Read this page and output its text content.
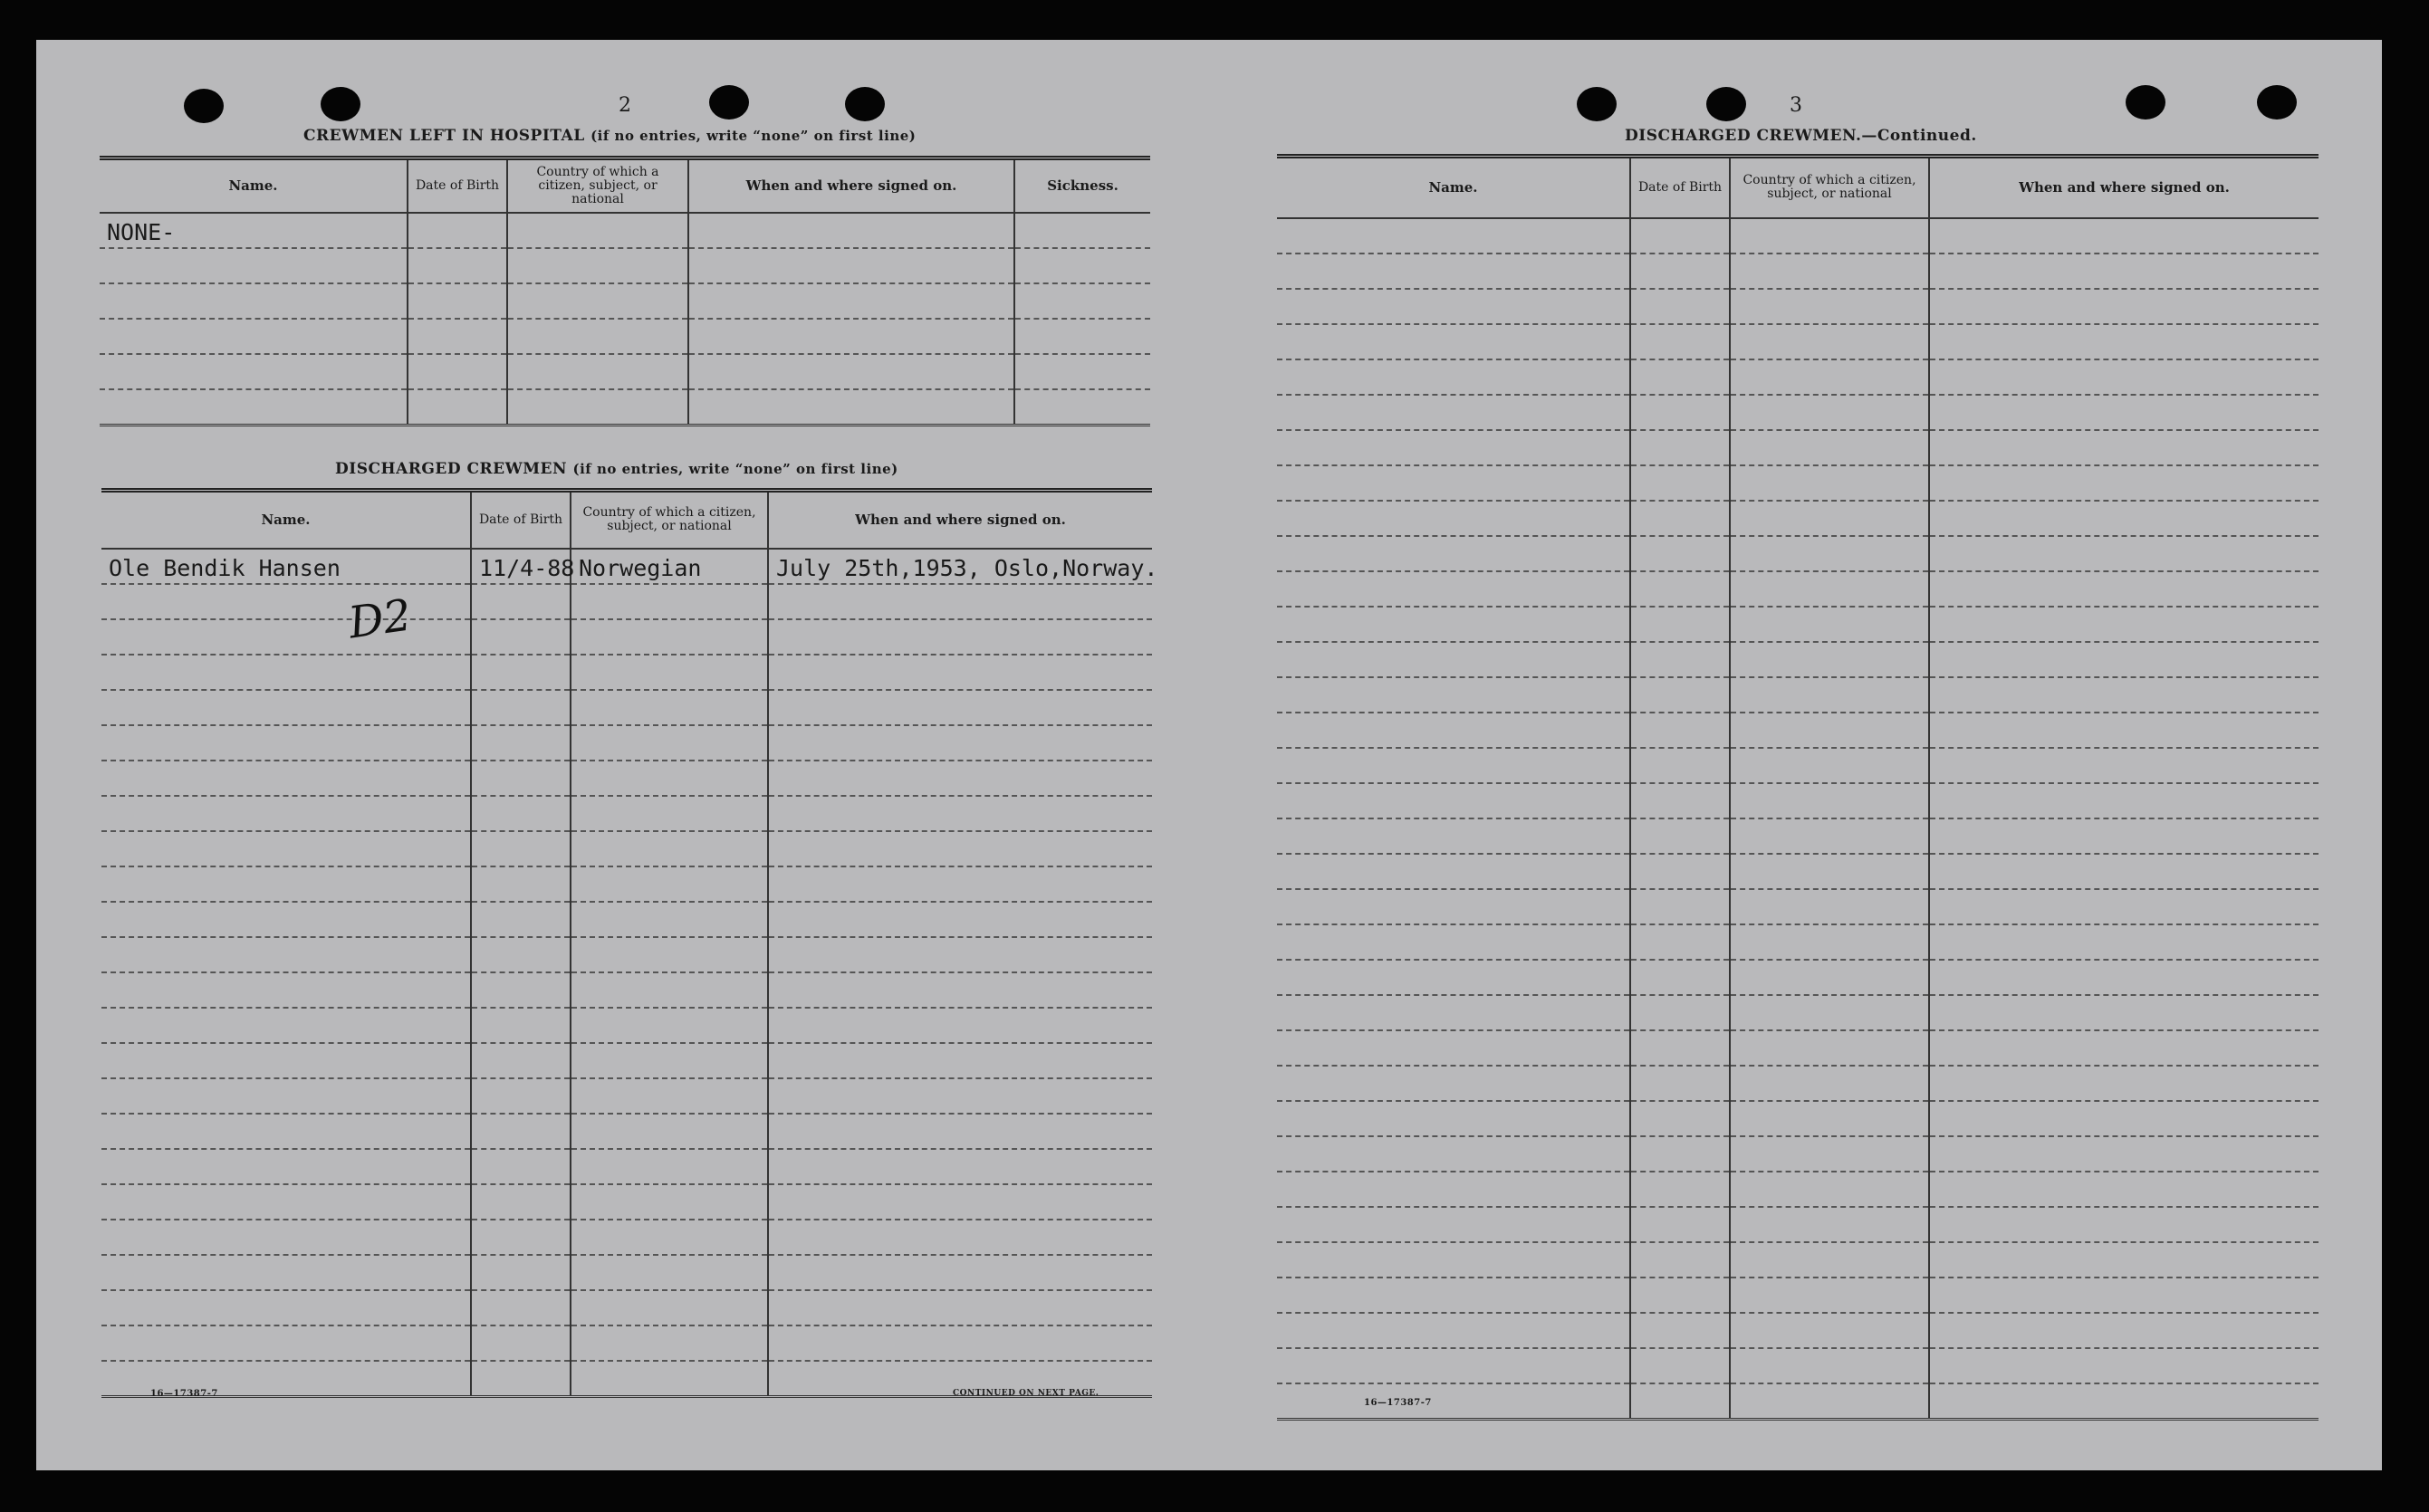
2
CREWMEN LEFT IN HOSPITAL (if no entries, write “none” on first line)
Name.	Date of Birth	Country of which a citizen, subject, or national	When and where signed on.	Sickness.

NONE-				

DISCHARGED CREWMEN (if no entries, write “none” on first line)
Name.	Date of Birth	Country of which a citizen, subject, or national	When and where signed on.

Ole Bendik Hansen	11/4-88	Norwegian	July 25th,1953, Oslo,Norway.

D2
16—17387-7	CONTINUED ON NEXT PAGE.
3
DISCHARGED CREWMEN.—Continued.
Name.	Date of Birth	Country of which a citizen, subject, or national	When and where signed on.

16—17387-7
